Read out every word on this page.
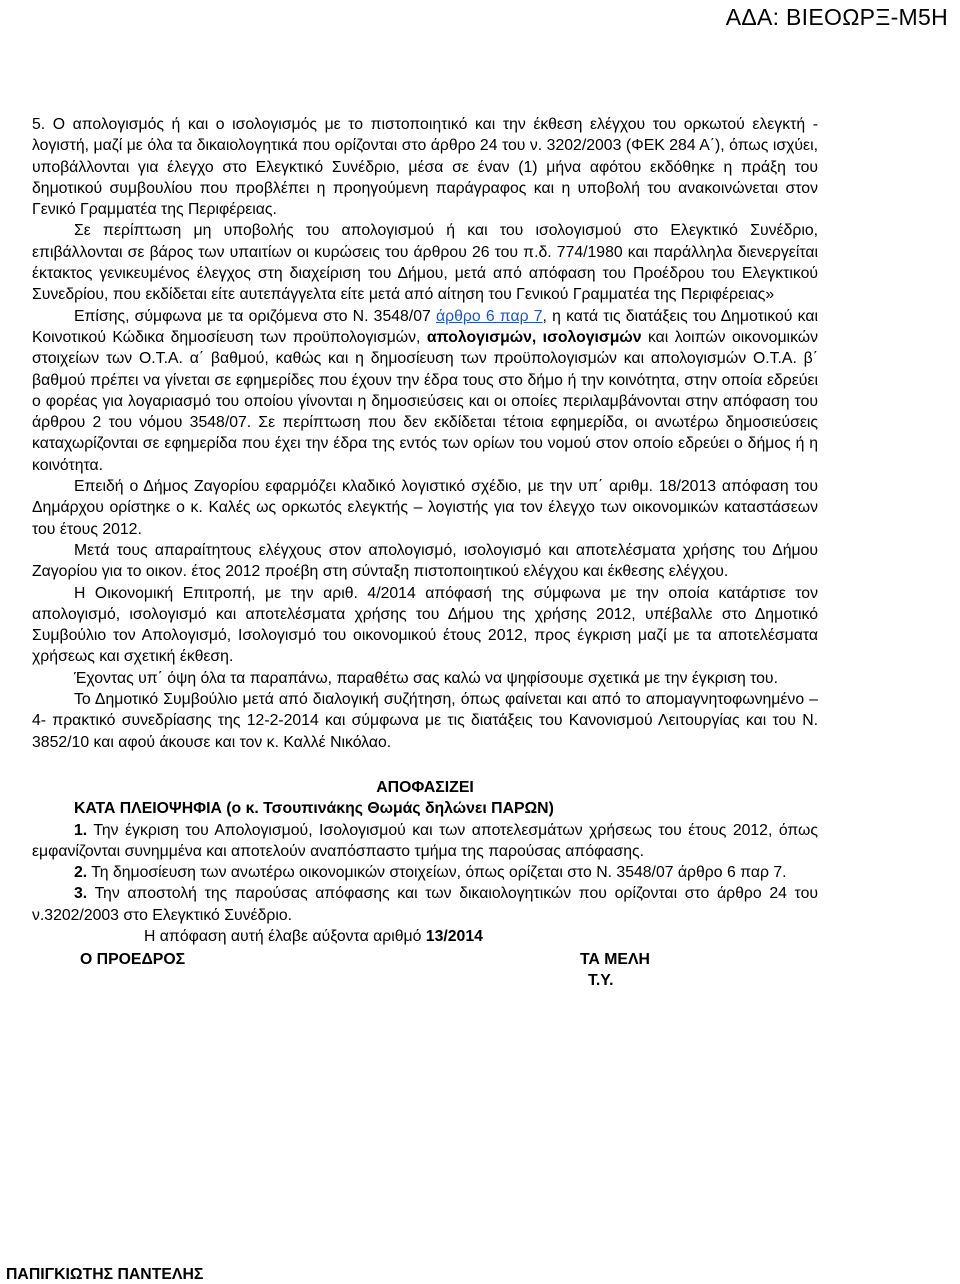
ΑΔΑ: ΒΙΕΟΩΡΞ-Μ5Η

5. Ο απολογισμός ή και ο ισολογισμός με το πιστοποιητικό και την έκθεση ελέγχου του ορκωτού ελεγκτή - λογιστή, μαζί με όλα τα δικαιολογητικά που ορίζονται στο άρθρο 24 του ν. 3202/2003 (ΦΕΚ 284 Α΄), όπως ισχύει, υποβάλλονται για έλεγχο στο Ελεγκτικό Συνέδριο, μέσα σε έναν (1) μήνα αφότου εκδόθηκε η πράξη του δημοτικού συμβουλίου που προβλέπει η προηγούμενη παράγραφος και η υποβολή του ανακοινώνεται στον Γενικό Γραμματέα της Περιφέρειας.

Σε περίπτωση μη υποβολής του απολογισμού ή και του ισολογισμού στο Ελεγκτικό Συνέδριο, επιβάλλονται σε βάρος των υπαιτίων οι κυρώσεις του άρθρου 26 του π.δ. 774/1980 και παράλληλα διενεργείται έκτακτος γενικευμένος έλεγχος στη διαχείριση του Δήμου, μετά από απόφαση του Προέδρου του Ελεγκτικού Συνεδρίου, που εκδίδεται είτε αυτεπάγγελτα είτε μετά από αίτηση του Γενικού Γραμματέα της Περιφέρειας»

Επίσης, σύμφωνα με τα οριζόμενα στο Ν. 3548/07 άρθρο 6 παρ 7, η κατά τις διατάξεις του Δημοτικού και Κοινοτικού Κώδικα δημοσίευση των προϋπολογισμών, απολογισμών, ισολογισμών και λοιπών οικονομικών στοιχείων των Ο.Τ.Α. α΄ βαθμού, καθώς και η δημοσίευση των προϋπολογισμών και απολογισμών Ο.Τ.Α. β΄ βαθμού πρέπει να γίνεται σε εφημερίδες που έχουν την έδρα τους στο δήμο ή την κοινότητα, στην οποία εδρεύει ο φορέας για λογαριασμό του οποίου γίνονται η δημοσιεύσεις και οι οποίες περιλαμβάνονται στην απόφαση του άρθρου 2 του νόμου 3548/07. Σε περίπτωση που δεν εκδίδεται τέτοια εφημερίδα, οι ανωτέρω δημοσιεύσεις καταχωρίζονται σε εφημερίδα που έχει την έδρα της εντός των ορίων του νομού στον οποίο εδρεύει ο δήμος ή η κοινότητα.

Επειδή ο Δήμος Ζαγορίου εφαρμόζει κλαδικό λογιστικό σχέδιο, με την υπ΄ αριθμ. 18/2013 απόφαση του Δημάρχου ορίστηκε ο κ. Καλές ως ορκωτός ελεγκτής – λογιστής για τον έλεγχο των οικονομικών καταστάσεων του έτους 2012.

Μετά τους απαραίτητους ελέγχους στον απολογισμό, ισολογισμό και αποτελέσματα χρήσης του Δήμου Ζαγορίου για το οικον. έτος 2012 προέβη στη σύνταξη πιστοποιητικού ελέγχου και έκθεσης ελέγχου.

Η Οικονομική Επιτροπή, με την αριθ. 4/2014 απόφασή της σύμφωνα με την οποία κατάρτισε τον απολογισμό, ισολογισμό και αποτελέσματα χρήσης του Δήμου της χρήσης 2012, υπέβαλλε στο Δημοτικό Συμβούλιο τον Απολογισμό, Ισολογισμό του οικονομικού έτους 2012, προς έγκριση μαζί με τα αποτελέσματα χρήσεως και σχετική έκθεση.

Έχοντας υπ΄ όψη όλα τα παραπάνω, παραθέτω σας καλώ να ψηφίσουμε σχετικά με την έγκριση του.

Το Δημοτικό Συμβούλιο μετά από διαλογική συζήτηση, όπως φαίνεται και από το απομαγνητοφωνημένο –4- πρακτικό συνεδρίασης της 12-2-2014 και σύμφωνα με τις διατάξεις του Κανονισμού Λειτουργίας και του Ν. 3852/10 και αφού άκουσε και τον κ. Καλλέ Νικόλαο.

ΑΠΟΦΑΣΙΖΕΙ

ΚΑΤΑ ΠΛΕΙΟΨΗΦΙΑ (ο κ. Τσουπινάκης Θωμάς δηλώνει ΠΑΡΩΝ)

1. Την έγκριση του Απολογισμού, Ισολογισμού και των αποτελεσμάτων χρήσεως του έτους 2012, όπως εμφανίζονται συνημμένα και αποτελούν αναπόσπαστο τμήμα της παρούσας απόφασης.

2. Τη δημοσίευση των ανωτέρω οικονομικών στοιχείων, όπως ορίζεται στο Ν. 3548/07 άρθρο 6 παρ 7.

3. Την αποστολή της παρούσας απόφασης και των δικαιολογητικών που ορίζονται στο άρθρο 24 του ν.3202/2003 στο Ελεγκτικό Συνέδριο.

Η απόφαση αυτή έλαβε αύξοντα αριθμό 13/2014

Ο ΠΡΟΕΔΡΟΣ	ΤΑ ΜΕΛΗ
Τ.Υ.
ΠΑΠΙΓΚΙΩΤΗΣ ΠΑΝΤΕΛΗΣ
